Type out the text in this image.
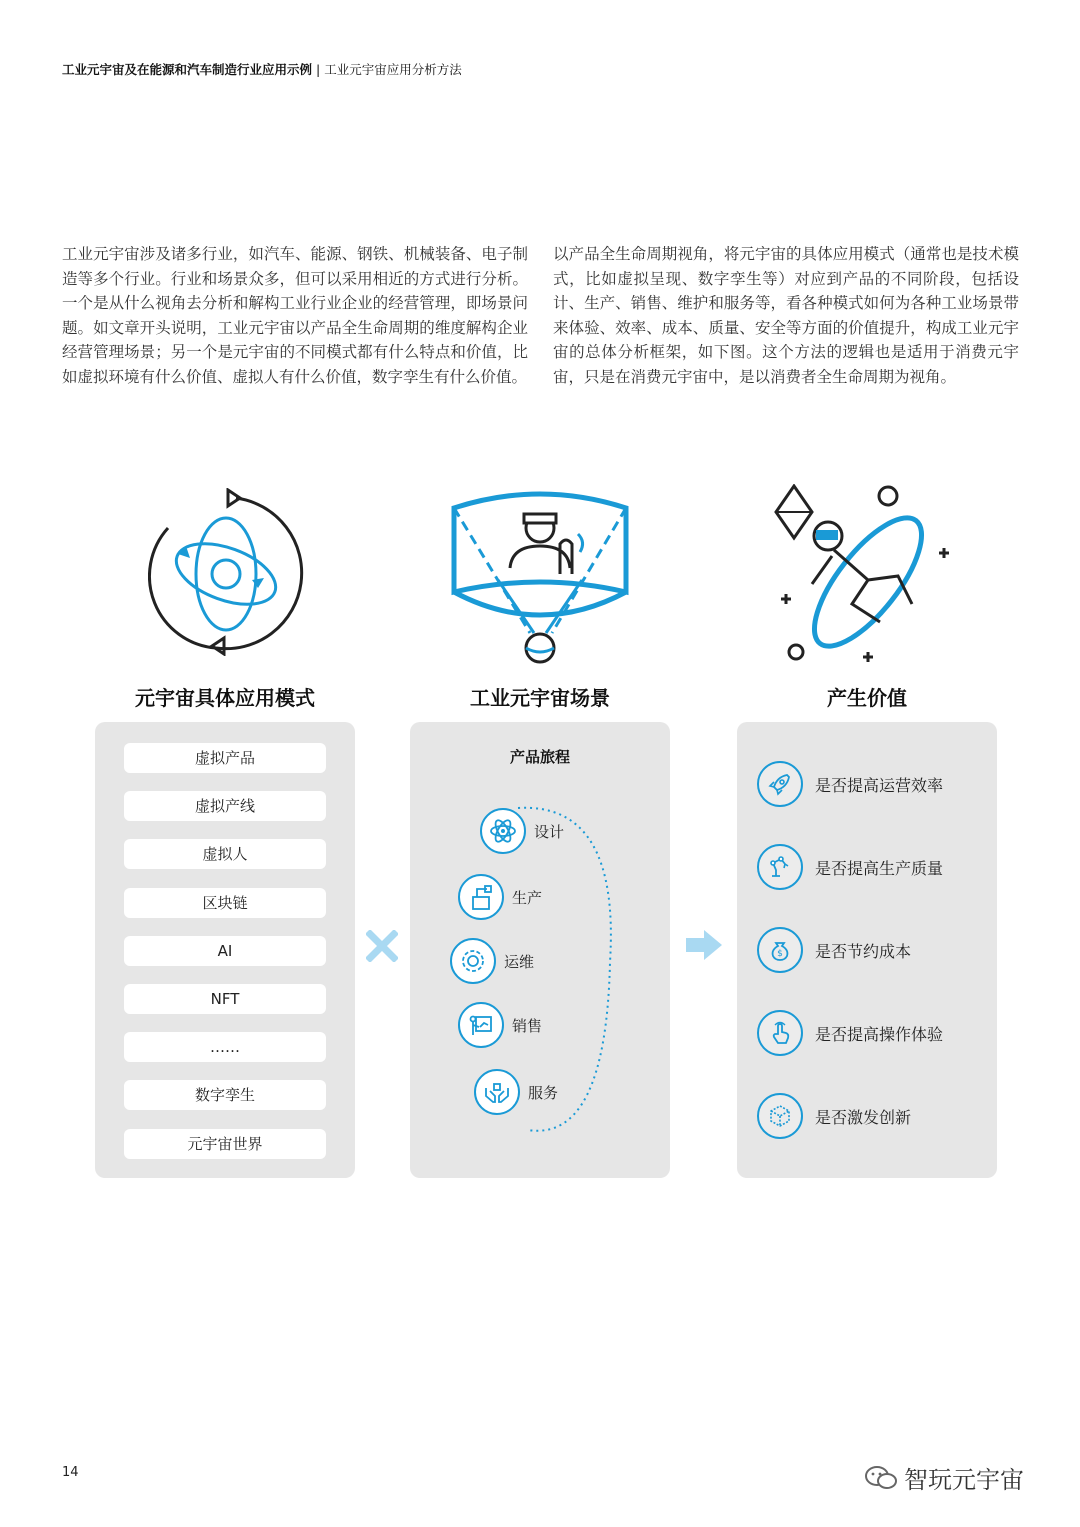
工业元宇宙及在能源和汽车制造行业应用示例 | 工业元宇宙应用分析方法
工业元宇宙涉及诸多行业，如汽车、能源、钢铁、机械装备、电子制造等多个行业。行业和场景众多，但可以采用相近的方式进行分析。一个是从什么视角去分析和解构工业行业企业的经营管理，即场景问题。如文章开头说明，工业元宇宙以产品全生命周期的维度解构企业经营管理场景；另一个是元宇宙的不同模式都有什么特点和价值，比如虚拟环境有什么价值、虚拟人有什么价值，数字孪生有什么价值。
以产品全生命周期视角，将元宇宙的具体应用模式（通常也是技术模式，比如虚拟呈现、数字孪生等）对应到产品的不同阶段，包括设计、生产、销售、维护和服务等，看各种模式如何为各种工业场景带来体验、效率、成本、质量、安全等方面的价值提升，构成工业元宇宙的总体分析框架，如下图。这个方法的逻辑也是适用于消费元宇宙，只是在消费元宇宙中，是以消费者全生命周期为视角。
元宇宙具体应用模式	工业元宇宙场景	产生价值
虚拟产品
虚拟产线
虚拟人
区块链
AI
NFT
……
数字孪生
元宇宙世界
产品旅程
设计
生产
运维
销售
服务
是否提高运营效率
是否提高生产质量
$ 是否节约成本
是否提高操作体验
是否激发创新
14	智玩元宇宙
